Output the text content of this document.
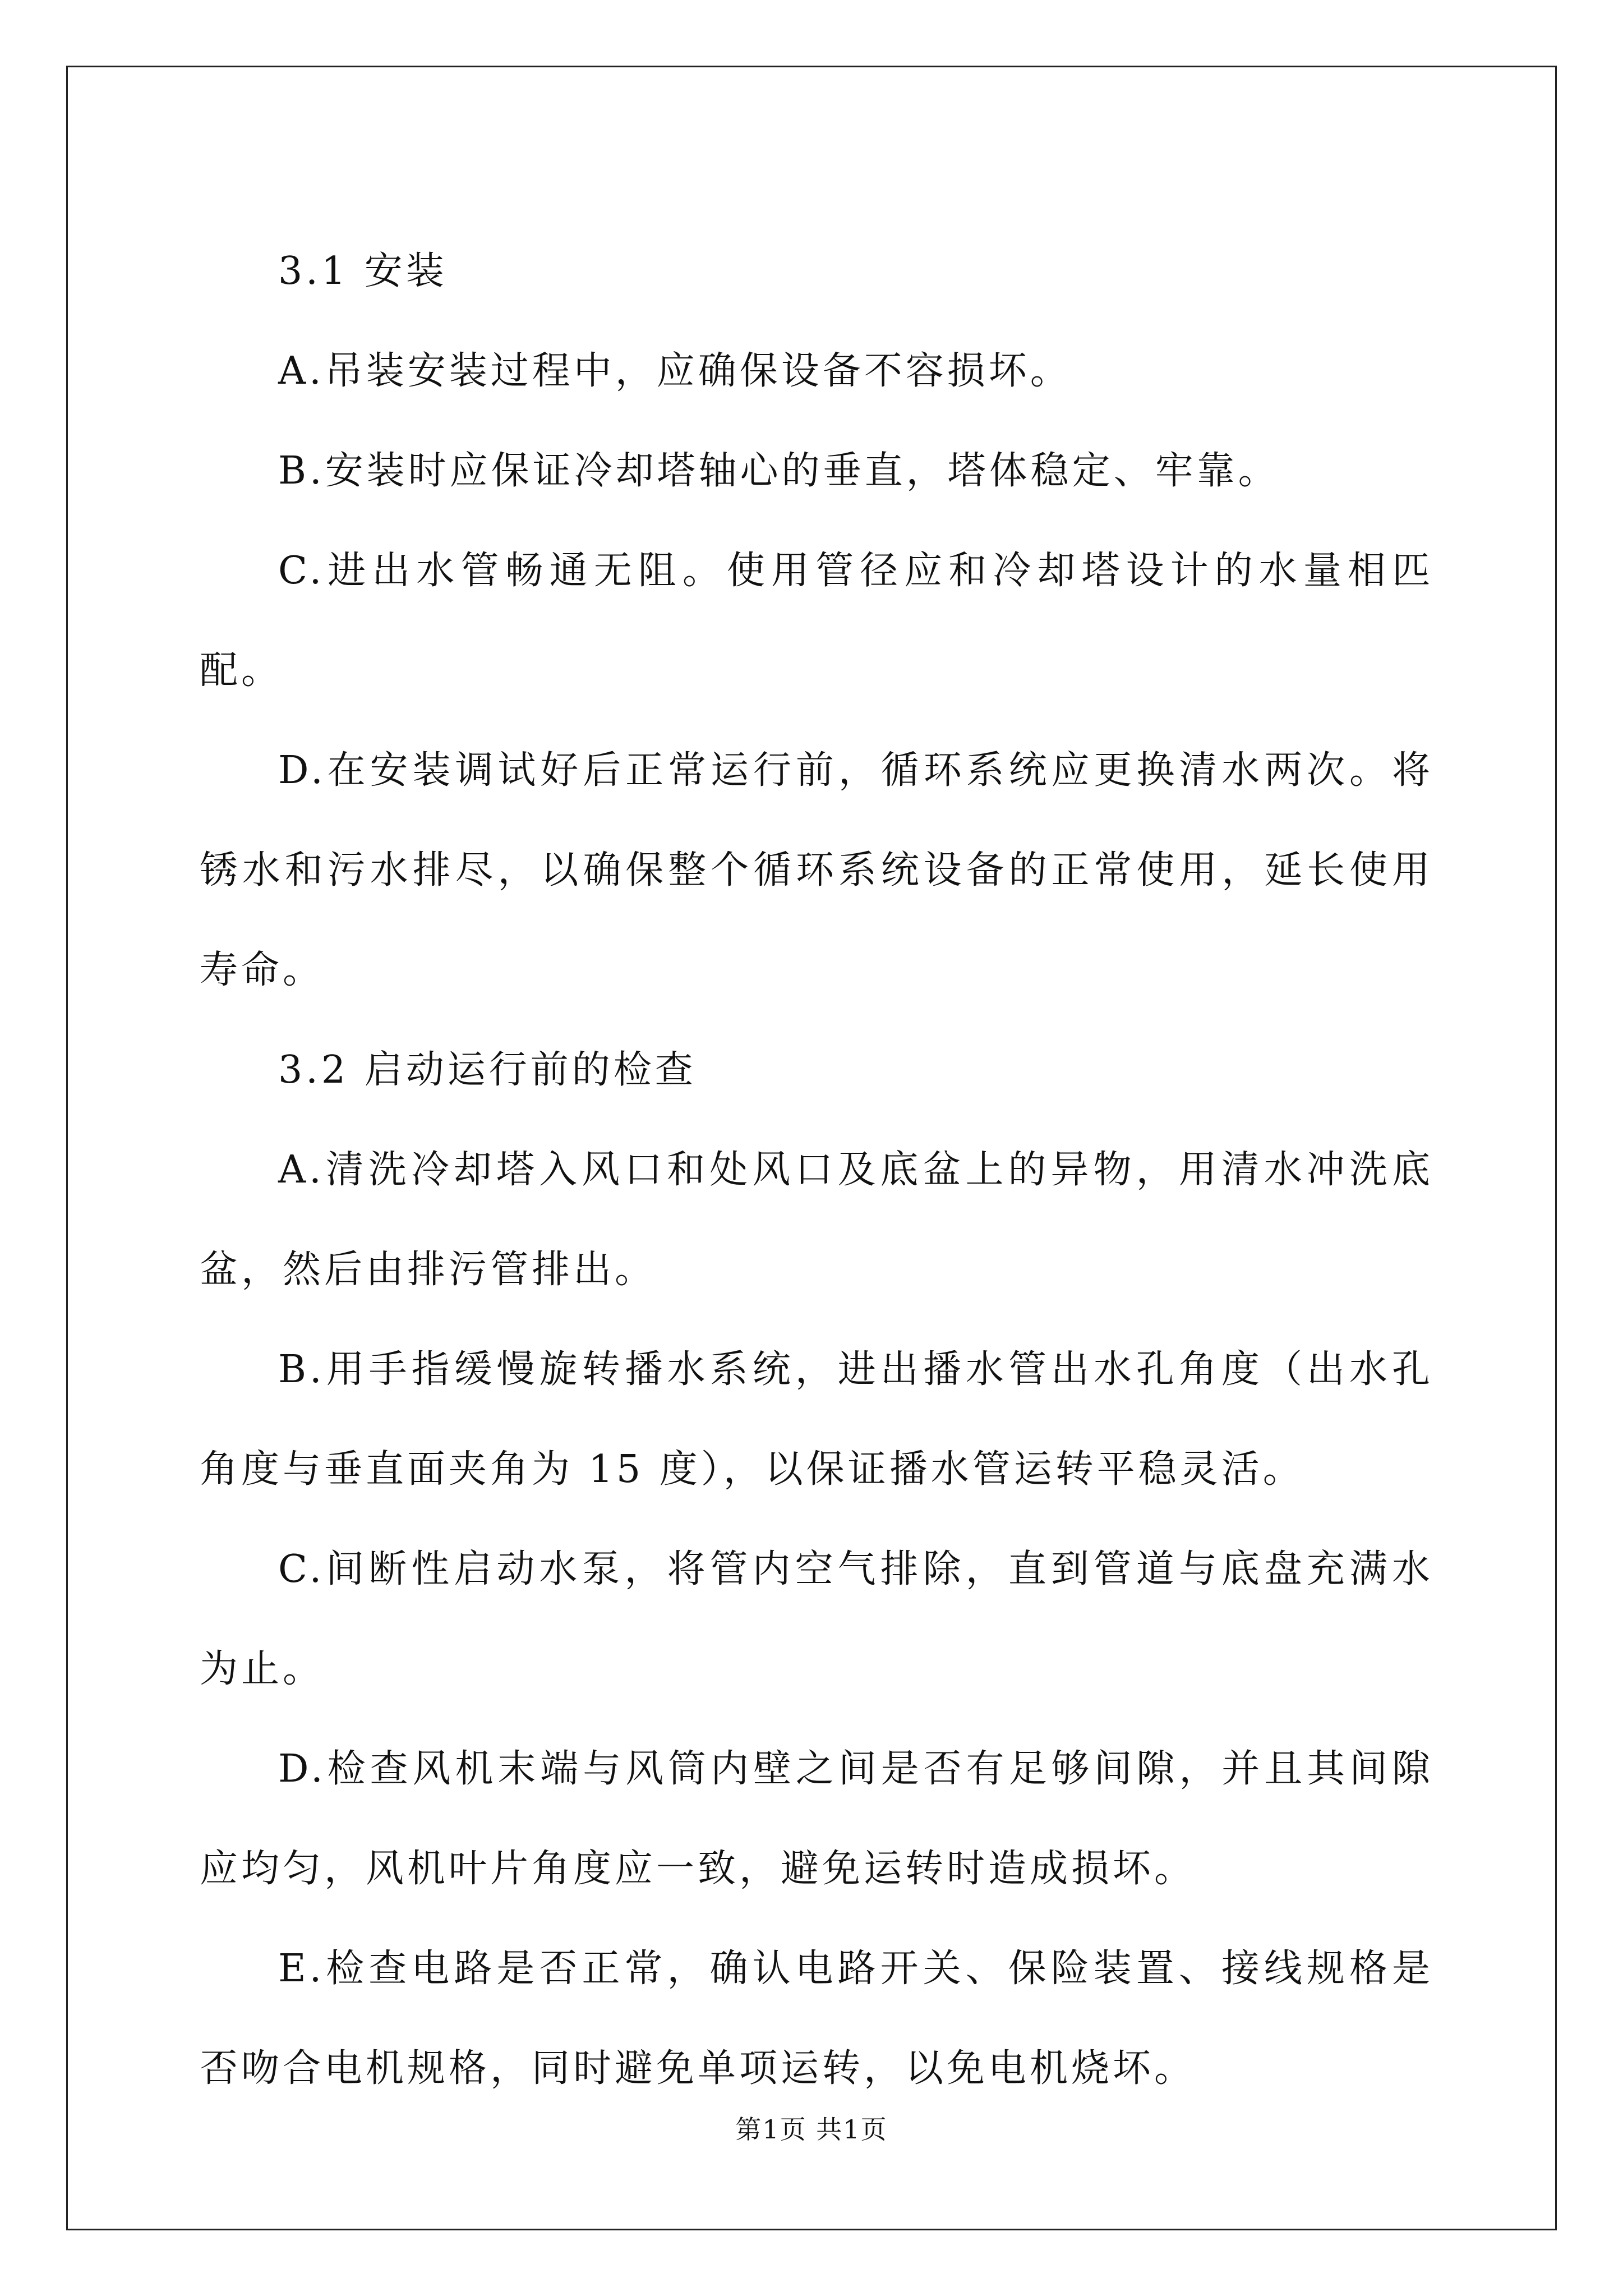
3.1 安装

A.吊装安装过程中，应确保设备不容损坏。

B.安装时应保证冷却塔轴心的垂直，塔体稳定、牢靠。

C.进出水管畅通无阻。使用管径应和冷却塔设计的水量相匹配。

D.在安装调试好后正常运行前，循环系统应更换清水两次。将锈水和污水排尽，以确保整个循环系统设备的正常使用，延长使用寿命。

3.2 启动运行前的检查

A.清洗冷却塔入风口和处风口及底盆上的异物，用清水冲洗底盆，然后由排污管排出。

B.用手指缓慢旋转播水系统，进出播水管出水孔角度（出水孔角度与垂直面夹角为 15 度），以保证播水管运转平稳灵活。

C.间断性启动水泵，将管内空气排除，直到管道与底盘充满水为止。

D.检查风机末端与风筒内壁之间是否有足够间隙，并且其间隙应均匀，风机叶片角度应一致，避免运转时造成损坏。

E.检查电路是否正常，确认电路开关、保险装置、接线规格是否吻合电机规格，同时避免单项运转，以免电机烧坏。

第1页 共1页
